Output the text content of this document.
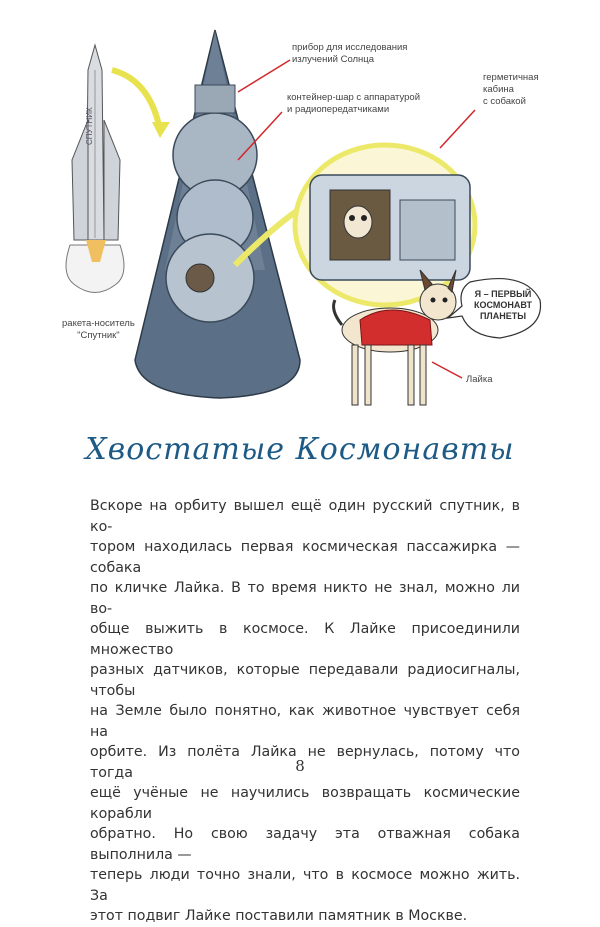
СПУТНИК
прибор для исследования
излучений Солнца
контейнер-шар с аппаратурой
и радиопередатчиками
герметичная
кабина
с собакой
ракета-носитель
"Спутник"
Я – ПЕРВЫЙ
КОСМОНАВТ
ПЛАНЕТЫ
Лайка
Хвостатые Космонавты
Вскоре на орбиту вышел ещё один русский спутник, в ко-
тором находилась первая космическая пассажирка — собака
по кличке Лайка. В то время никто не знал, можно ли во-
обще выжить в космосе. К Лайке присоединили множество
разных датчиков, которые передавали радиосигналы, чтобы
на Земле было понятно, как животное чувствует себя на
орбите. Из полёта Лайка не вернулась, потому что тогда
ещё учёные не научились возвращать космические корабли
обратно. Но свою задачу эта отважная собака выполнила —
теперь люди точно знали, что в космосе можно жить. За
этот подвиг Лайке поставили памятник в Москве.
8
